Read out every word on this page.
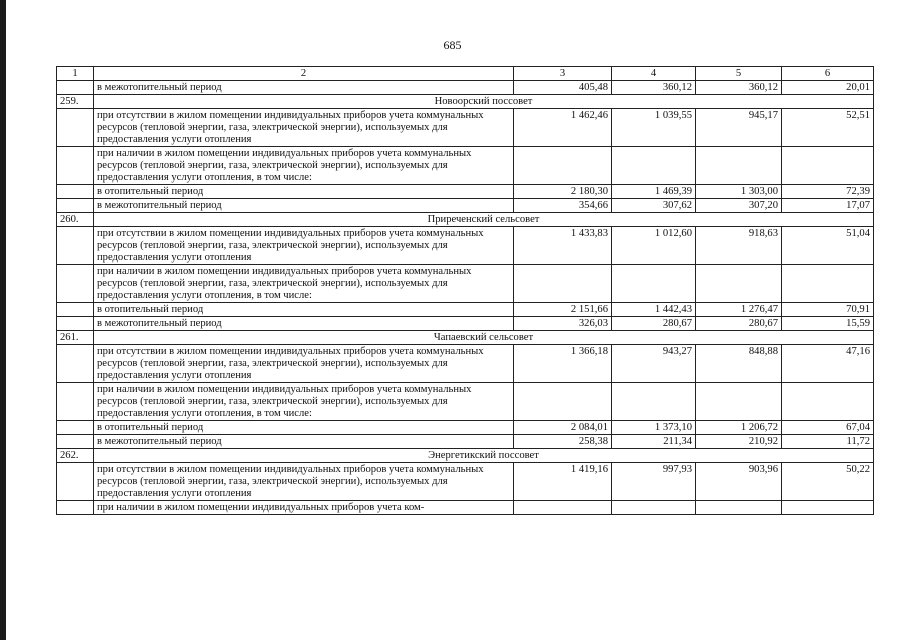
685
1	2	3	4	5	6
	в межотопительный период	405,48	360,12	360,12	20,01
259.	Новоорский поссовет				
	при отсутствии в жилом помещении индивидуальных приборов учета коммунальных ресурсов (тепловой энергии, газа, электрической энергии), используемых для предоставления услуги отопления	1 462,46	1 039,55	945,17	52,51
	при наличии в жилом помещении индивидуальных приборов учета коммунальных ресурсов (тепловой энергии, газа, электрической энергии), используемых для предоставления услуги отопления, в том числе:				
	в отопительный период	2 180,30	1 469,39	1 303,00	72,39
	в межотопительный период	354,66	307,62	307,20	17,07
260.	Приреченский сельсовет				
	при отсутствии в жилом помещении индивидуальных приборов учета коммунальных ресурсов (тепловой энергии, газа, электрической энергии), используемых для предоставления услуги отопления	1 433,83	1 012,60	918,63	51,04
	при наличии в жилом помещении индивидуальных приборов учета коммунальных ресурсов (тепловой энергии, газа, электрической энергии), используемых для предоставления услуги отопления, в том числе:				
	в отопительный период	2 151,66	1 442,43	1 276,47	70,91
	в межотопительный период	326,03	280,67	280,67	15,59
261.	Чапаевский сельсовет				
	при отсутствии в жилом помещении индивидуальных приборов учета коммунальных ресурсов (тепловой энергии, газа, электрической энергии), используемых для предоставления услуги отопления	1 366,18	943,27	848,88	47,16
	при наличии в жилом помещении индивидуальных приборов учета коммунальных ресурсов (тепловой энергии, газа, электрической энергии), используемых для предоставления услуги отопления, в том числе:				
	в отопительный период	2 084,01	1 373,10	1 206,72	67,04
	в межотопительный период	258,38	211,34	210,92	11,72
262.	Энергетикский поссовет				
	при отсутствии в жилом помещении индивидуальных приборов учета коммунальных ресурсов (тепловой энергии, газа, электрической энергии), используемых для предоставления услуги отопления	1 419,16	997,93	903,96	50,22
	при наличии в жилом помещении индивидуальных приборов учета ком-				
